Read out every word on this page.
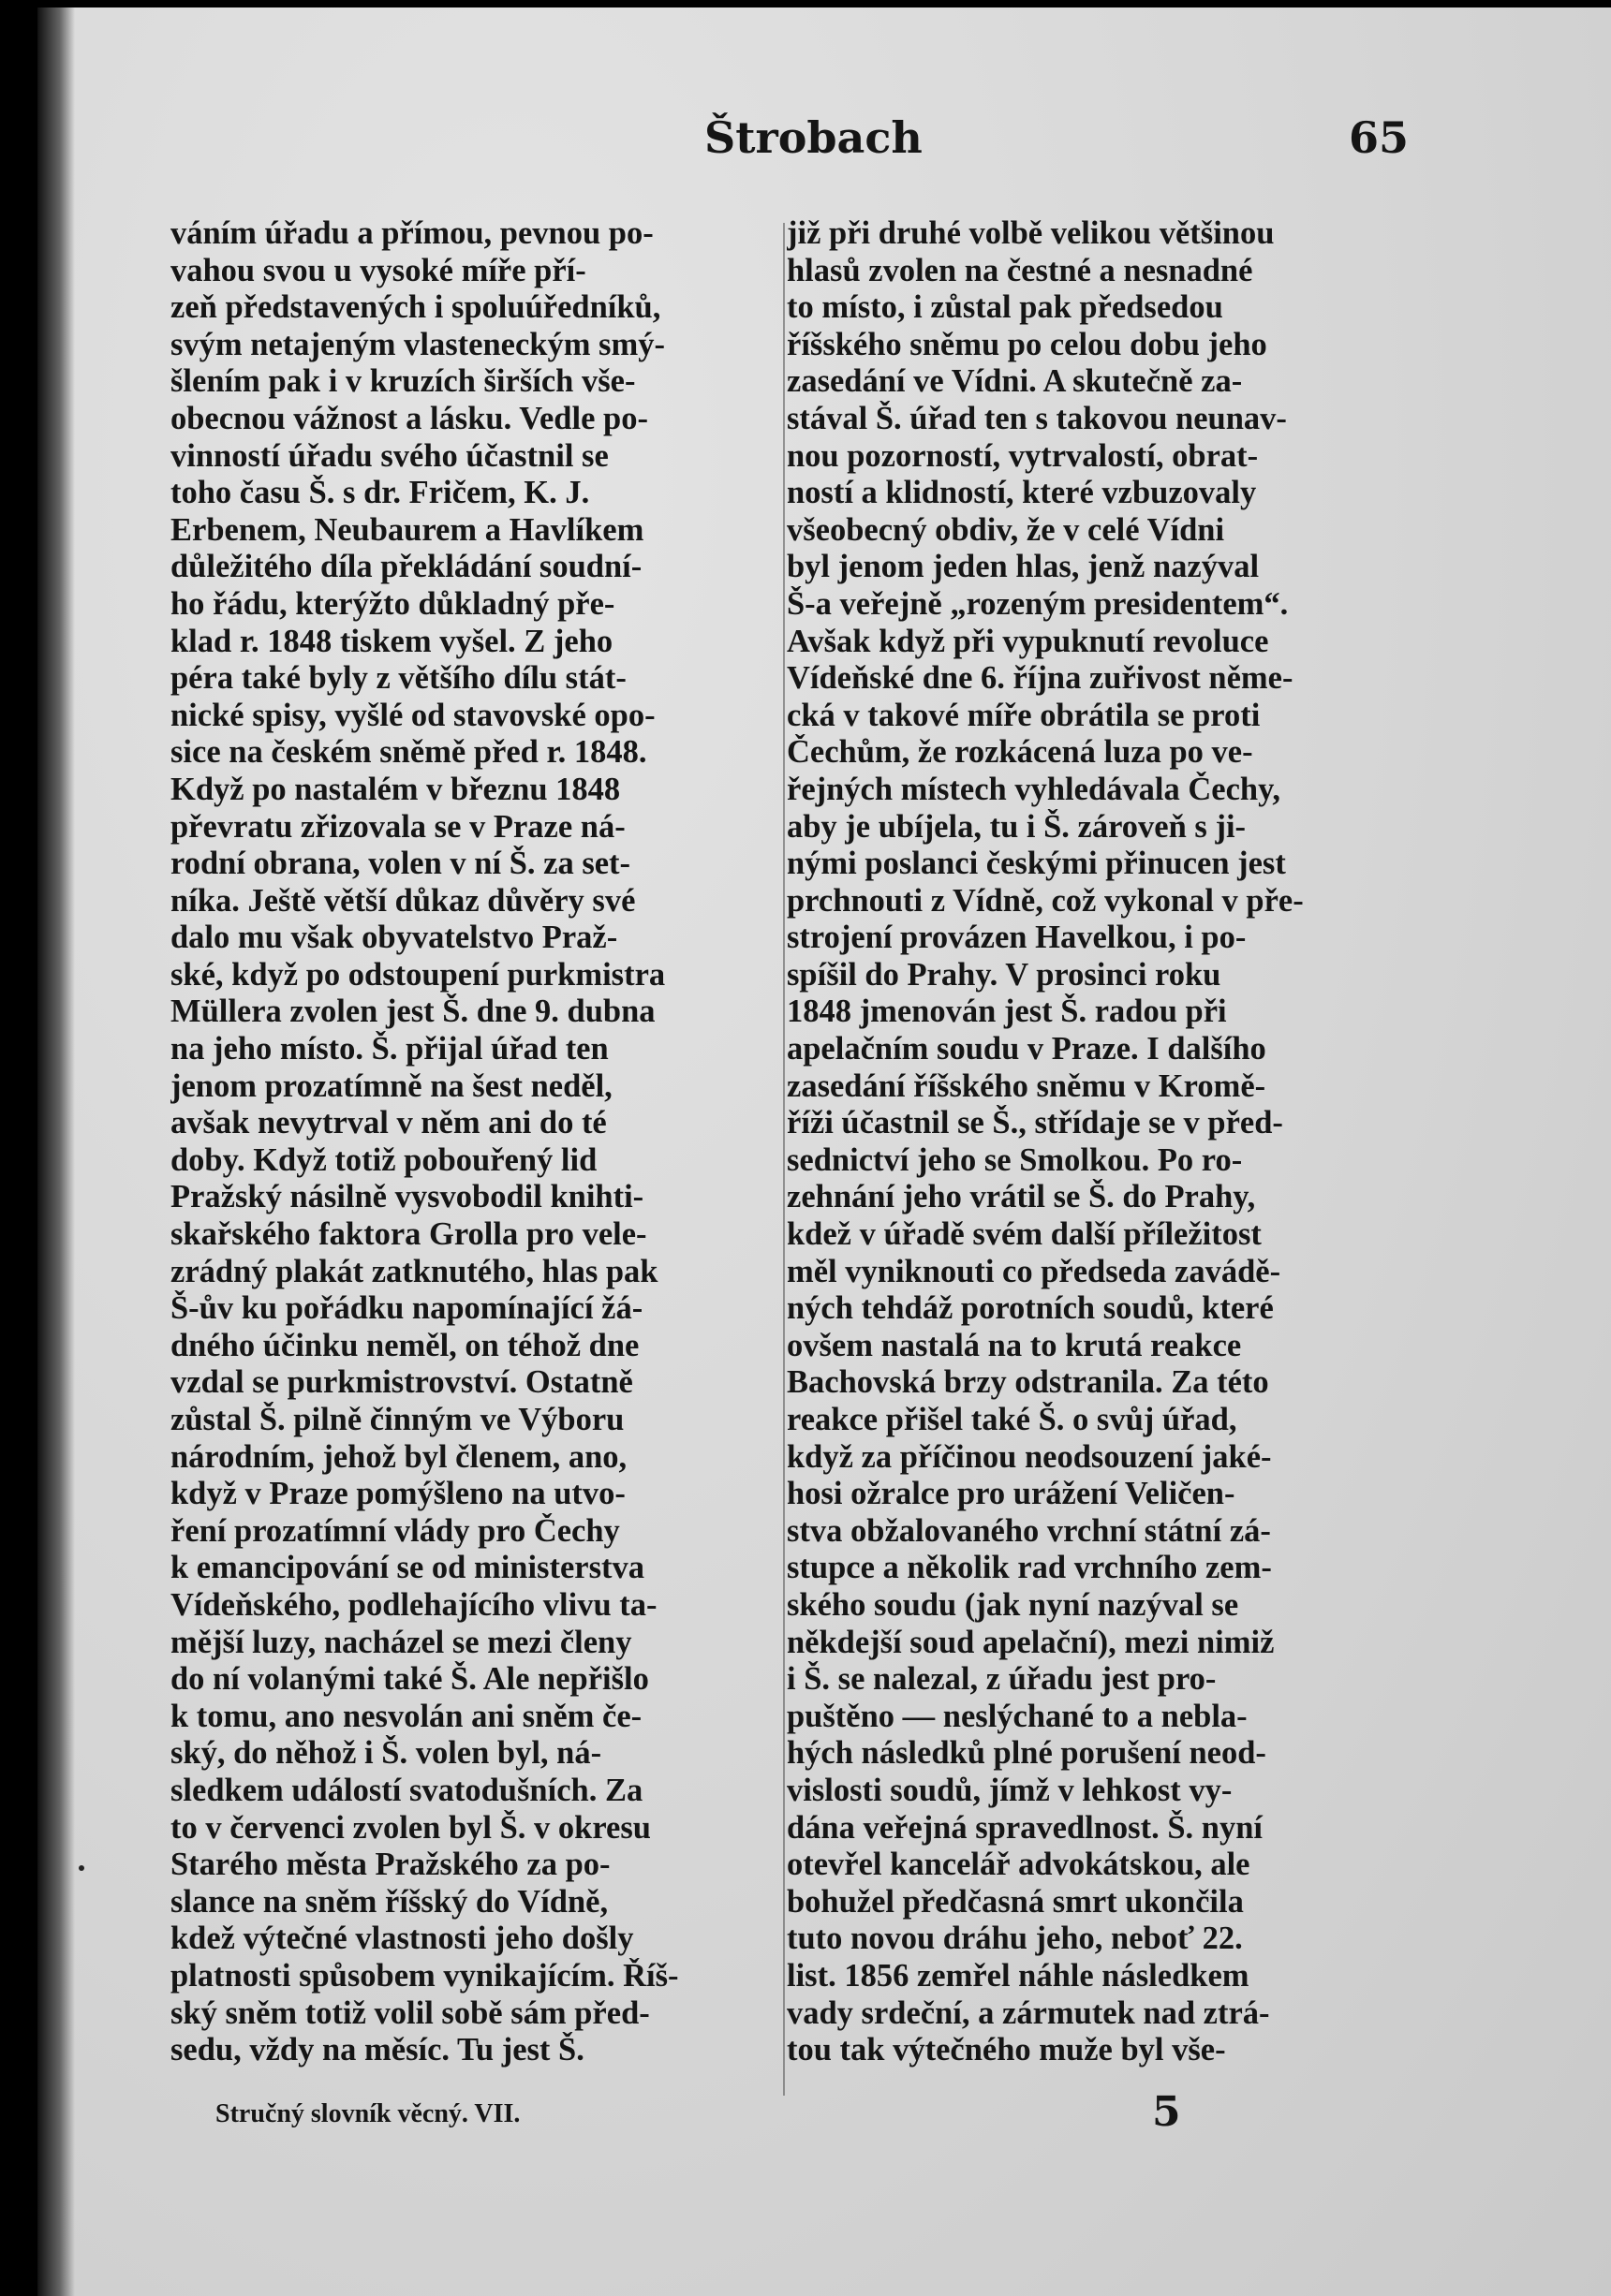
Štrobach	65
váním úřadu a přímou, pevnou po-
vahou svou u vysoké míře pří-
zeň představených i spoluúředníků,
svým netajeným vlasteneckým smý-
šlením pak i v kruzích širších vše-
obecnou vážnost a lásku. Vedle po-
vinností úřadu svého účastnil se
toho času Š. s dr. Fričem, K. J.
Erbenem, Neubaurem a Havlíkem
důležitého díla překládání soudní-
ho řádu, kterýžto důkladný pře-
klad r. 1848 tiskem vyšel. Z jeho
péra také byly z většího dílu stát-
nické spisy, vyšlé od stavovské opo-
sice na českém sněmě před r. 1848.
Když po nastalém v březnu 1848
převratu zřizovala se v Praze ná-
rodní obrana, volen v ní Š. za set-
níka. Ještě větší důkaz důvěry své
dalo mu však obyvatelstvo Praž-
ské, když po odstoupení purkmistra
Müllera zvolen jest Š. dne 9. dubna
na jeho místo. Š. přijal úřad ten
jenom prozatímně na šest neděl,
avšak nevytrval v něm ani do té
doby. Když totiž pobouřený lid
Pražský násilně vysvobodil knihti-
skařského faktora Grolla pro vele-
zrádný plakát zatknutého, hlas pak
Š-ův ku pořádku napomínající žá-
dného účinku neměl, on téhož dne
vzdal se purkmistrovství. Ostatně
zůstal Š. pilně činným ve Výboru
národním, jehož byl členem, ano,
když v Praze pomýšleno na utvo-
ření prozatímní vlády pro Čechy
k emancipování se od ministerstva
Vídeňského, podlehajícího vlivu ta-
mější luzy, nacházel se mezi členy
do ní volanými také Š. Ale nepřišlo
k tomu, ano nesvolán ani sněm če-
ský, do něhož i Š. volen byl, ná-
sledkem událostí svatodušních. Za
to v červenci zvolen byl Š. v okresu
Starého města Pražského za po-
slance na sněm říšský do Vídně,
kdež výtečné vlastnosti jeho došly
platnosti spůsobem vynikajícím. Říš-
ský sněm totiž volil sobě sám před-
sedu, vždy na měsíc. Tu jest Š.
již při druhé volbě velikou většinou
hlasů zvolen na čestné a nesnadné
to místo, i zůstal pak předsedou
říšského sněmu po celou dobu jeho
zasedání ve Vídni. A skutečně za-
stával Š. úřad ten s takovou neunav-
nou pozorností, vytrvalostí, obrat-
ností a klidností, které vzbuzovaly
všeobecný obdiv, že v celé Vídni
byl jenom jeden hlas, jenž nazýval
Š-a veřejně „rozeným presidentem“.
Avšak když při vypuknutí revoluce
Vídeňské dne 6. října zuřivost něme-
cká v takové míře obrátila se proti
Čechům, že rozkácená luza po ve-
řejných místech vyhledávala Čechy,
aby je ubíjela, tu i Š. zároveň s ji-
nými poslanci českými přinucen jest
prchnouti z Vídně, což vykonal v pře-
strojení provázen Havelkou, i po-
spíšil do Prahy. V prosinci roku
1848 jmenován jest Š. radou při
apelačním soudu v Praze. I dalšího
zasedání říšského sněmu v Kromě-
říži účastnil se Š., střídaje se v před-
sednictví jeho se Smolkou. Po ro-
zehnání jeho vrátil se Š. do Prahy,
kdež v úřadě svém další příležitost
měl vyniknouti co předseda zavádě-
ných tehdáž porotních soudů, které
ovšem nastalá na to krutá reakce
Bachovská brzy odstranila. Za této
reakce přišel také Š. o svůj úřad,
když za příčinou neodsouzení jaké-
hosi ožralce pro urážení Veličen-
stva obžalovaného vrchní státní zá-
stupce a několik rad vrchního zem-
ského soudu (jak nyní nazýval se
někdejší soud apelační), mezi nimiž
i Š. se nalezal, z úřadu jest pro-
puštěno — neslýchané to a nebla-
hých následků plné porušení neod-
vislosti soudů, jímž v lehkost vy-
dána veřejná spravedlnost. Š. nyní
otevřel kancelář advokátskou, ale
bohužel předčasná smrt ukončila
tuto novou dráhu jeho, neboť 22.
list. 1856 zemřel náhle následkem
vady srdeční, a zármutek nad ztrá-
tou tak výtečného muže byl vše-
Stručný slovník věcný. VII.	5
